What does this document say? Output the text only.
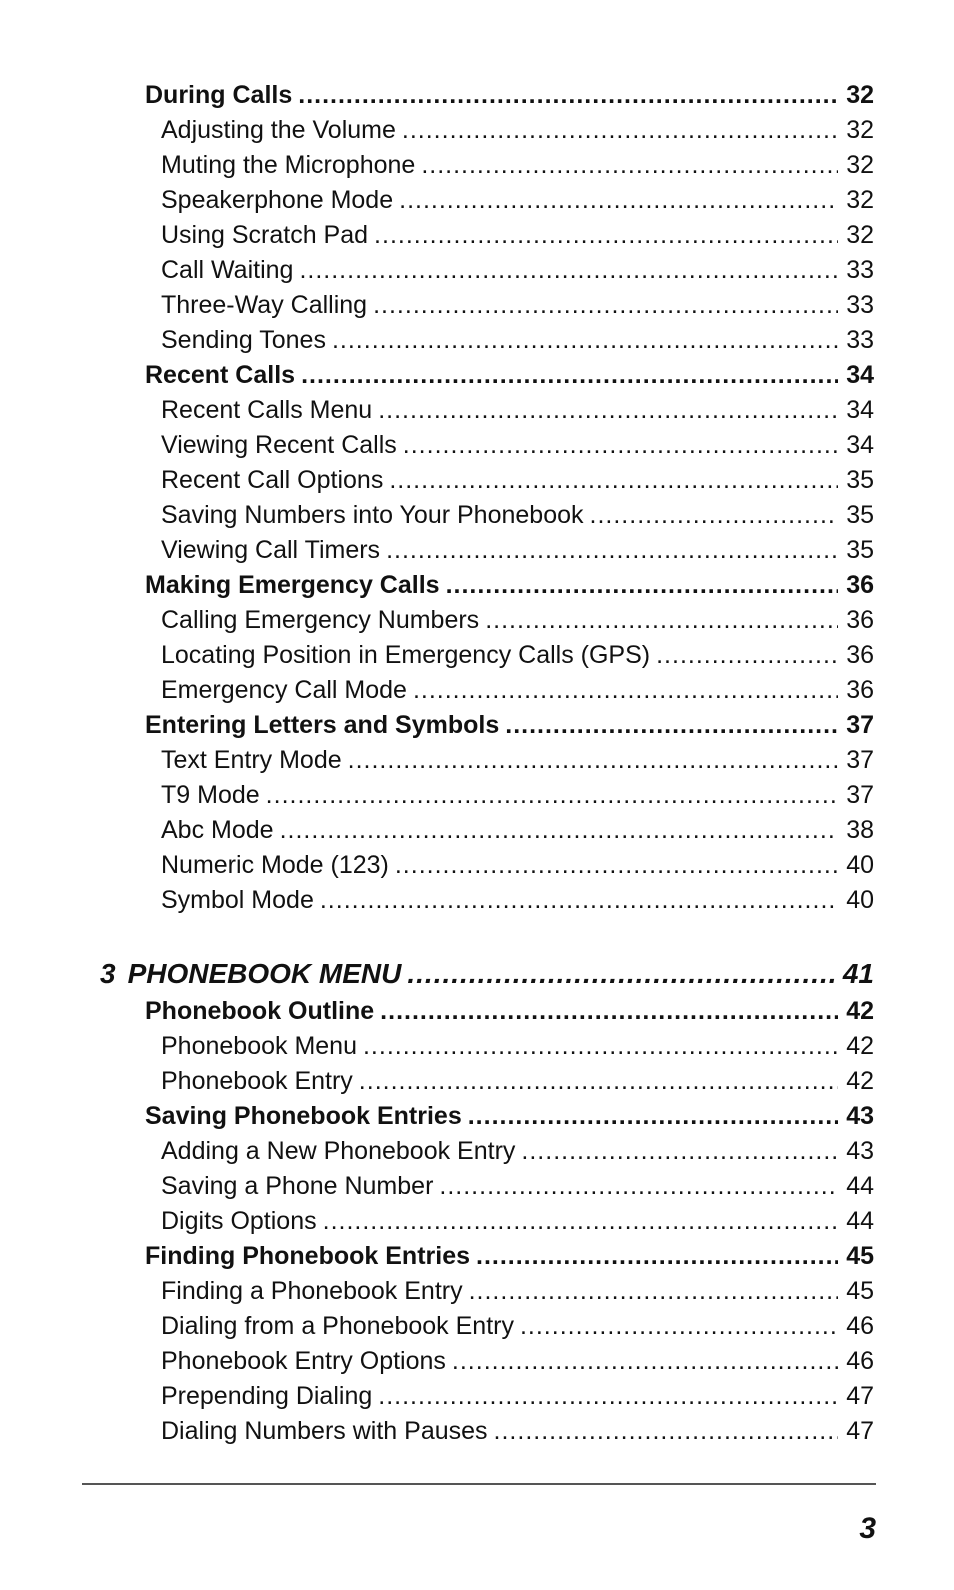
During Calls .....	32
Adjusting the Volume .....	32
Muting the Microphone .....	32
Speakerphone Mode .....	32
Using Scratch Pad .....	32
Call Waiting .....	33
Three-Way Calling .....	33
Sending Tones .....	33
Recent Calls .....	34
Recent Calls Menu .....	34
Viewing Recent Calls .....	34
Recent Call Options .....	35
Saving Numbers into Your Phonebook .....	35
Viewing Call Timers .....	35
Making Emergency Calls .....	36
Calling Emergency Numbers .....	36
Locating Position in Emergency Calls (GPS) .....	36
Emergency Call Mode .....	36
Entering Letters and Symbols .....	37
Text Entry Mode .....	37
T9 Mode .....	37
Abc Mode .....	38
Numeric Mode (123) .....	40
Symbol Mode .....	40
3 PHONEBOOK MENU .....	41
Phonebook Outline .....	42
Phonebook Menu .....	42
Phonebook Entry .....	42
Saving Phonebook Entries .....	43
Adding a New Phonebook Entry .....	43
Saving a Phone Number .....	44
Digits Options .....	44
Finding Phonebook Entries .....	45
Finding a Phonebook Entry .....	45
Dialing from a Phonebook Entry .....	46
Phonebook Entry Options .....	46
Prepending Dialing .....	47
Dialing Numbers with Pauses .....	47
3
